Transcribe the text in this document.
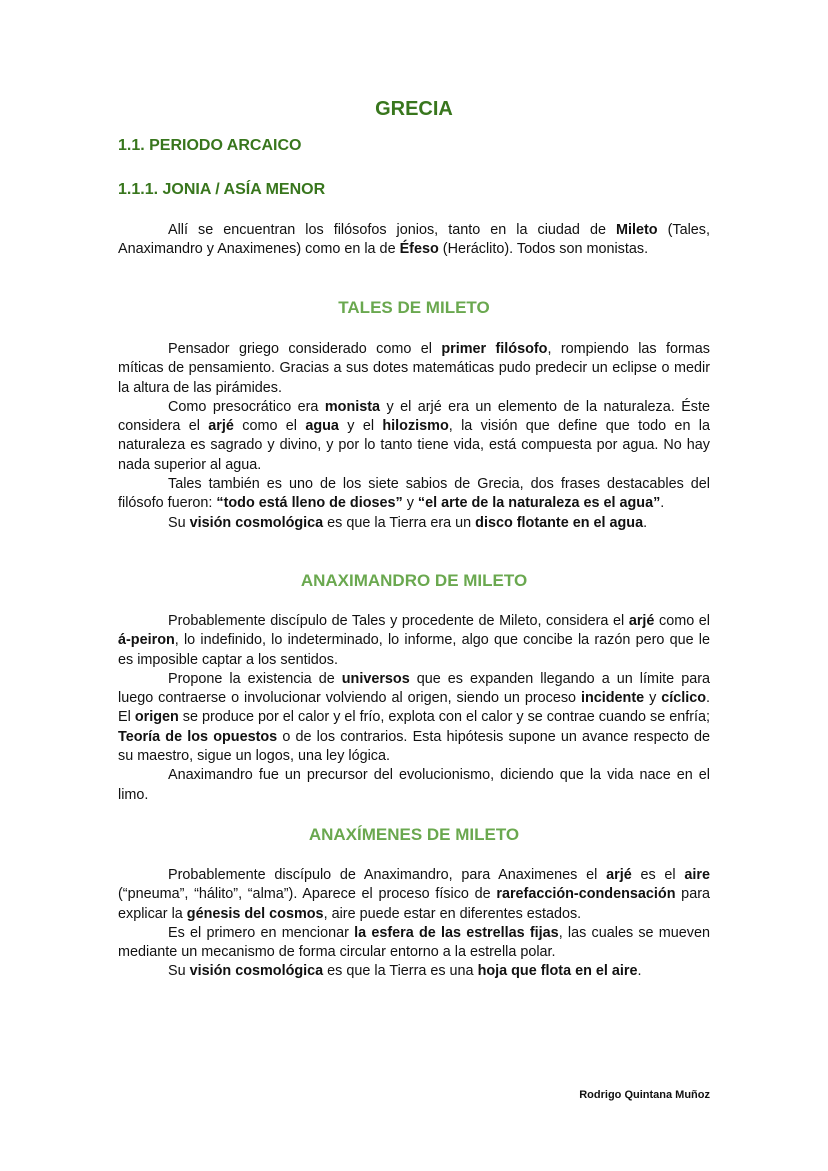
GRECIA
1.1. PERIODO ARCAICO
1.1.1. JONIA / ASÍA MENOR

Allí se encuentran los filósofos jonios, tanto en la ciudad de Mileto (Tales, Anaximandro y Anaximenes) como en la de Éfeso (Heráclito). Todos son monistas.

TALES DE MILETO

Pensador griego considerado como el primer filósofo, rompiendo las formas míticas de pensamiento. Gracias a sus dotes matemáticas pudo predecir un eclipse o medir la altura de las pirámides.

Como presocrático era monista y el arjé era un elemento de la naturaleza. Éste considera el arjé como el agua y el hilozismo, la visión que define que todo en la naturaleza es sagrado y divino, y por lo tanto tiene vida, está compuesta por agua. No hay nada superior al agua.

Tales también es uno de los siete sabios de Grecia, dos frases destacables del filósofo fueron: “todo está lleno de dioses” y “el arte de la naturaleza es el agua”.

Su visión cosmológica es que la Tierra era un disco flotante en el agua.

ANAXIMANDRO DE MILETO

Probablemente discípulo de Tales y procedente de Mileto, considera el arjé como el á-peiron, lo indefinido, lo indeterminado, lo informe, algo que concibe la razón pero que le es imposible captar a los sentidos.

Propone la existencia de universos que es expanden llegando a un límite para luego contraerse o involucionar volviendo al origen, siendo un proceso incidente y cíclico. El origen se produce por el calor y el frío, explota con el calor y se contrae cuando se enfría; Teoría de los opuestos o de los contrarios. Esta hipótesis supone un avance respecto de su maestro, sigue un logos, una ley lógica.

Anaximandro fue un precursor del evolucionismo, diciendo que la vida nace en el limo.

ANAXÍMENES DE MILETO

Probablemente discípulo de Anaximandro, para Anaximenes el arjé es el aire (“pneuma”, “hálito”, “alma”). Aparece el proceso físico de rarefacción-condensación para explicar la génesis del cosmos, aire puede estar en diferentes estados.

Es el primero en mencionar la esfera de las estrellas fijas, las cuales se mueven mediante un mecanismo de forma circular entorno a la estrella polar.

Su visión cosmológica es que la Tierra es una hoja que flota en el aire.

Rodrigo Quintana Muñoz
